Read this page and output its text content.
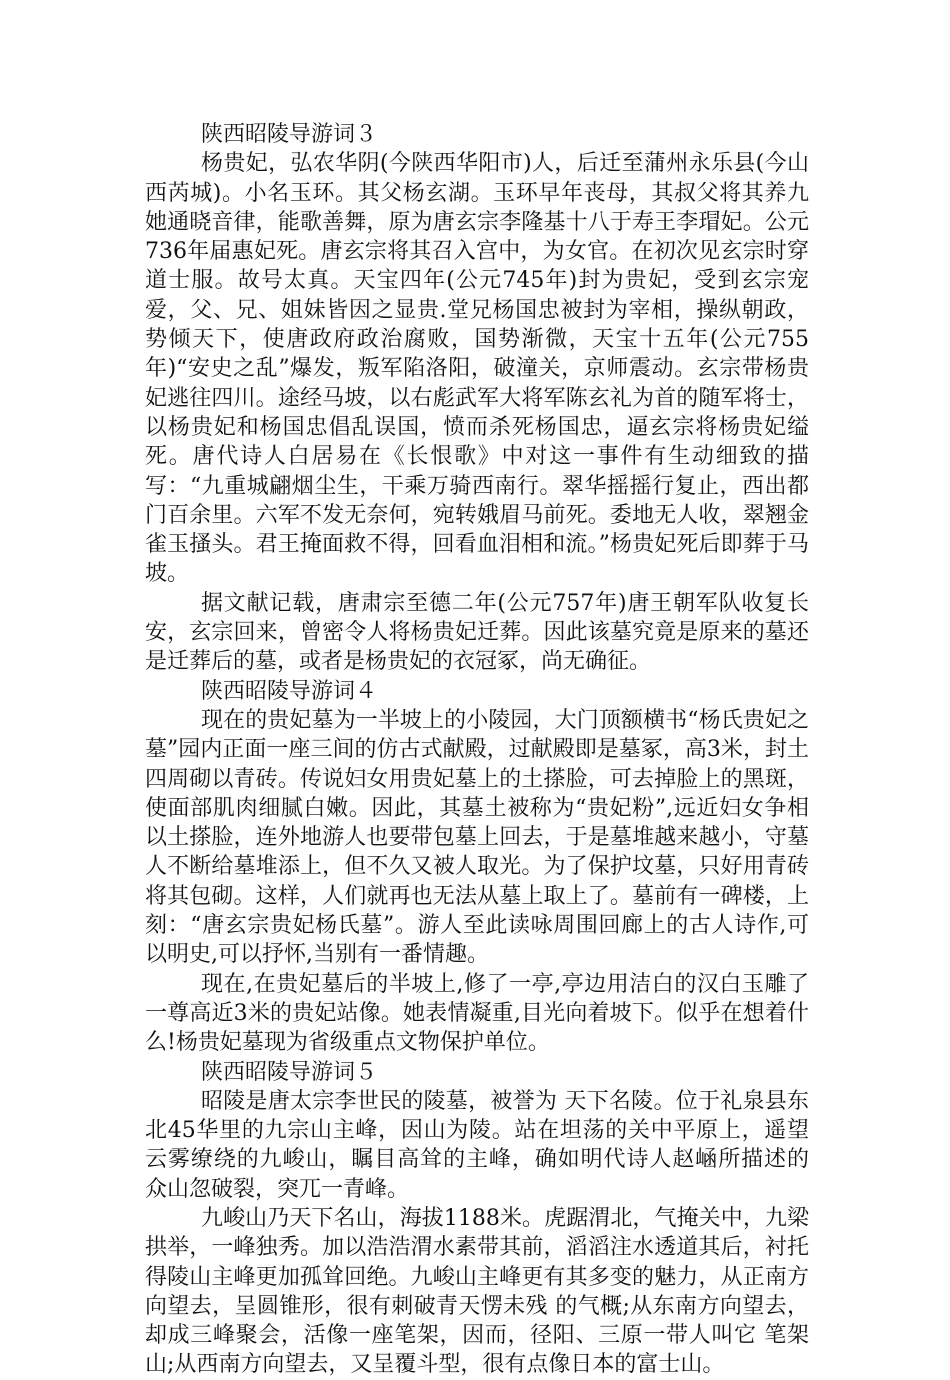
陕西昭陵导游词３

杨贵妃，弘农华阴(今陕西华阳市)人，后迁至蒲州永乐县(今山西芮城)。小名玉环。其父杨玄湖。玉环早年丧母，其叔父将其养九她通晓音律，能歌善舞，原为唐玄宗李隆基十八于寿王李瑁妃。公元736年届惠妃死。唐玄宗将其召入宫中，为女官。在初次见玄宗时穿道士服。故号太真。天宝四年(公元745年)封为贵妃，受到玄宗宠爱，父、兄、姐妹皆因之显贵.堂兄杨国忠被封为宰相，操纵朝政，势倾天下，使唐政府政治腐败，国势渐微，天宝十五年(公元755年)“安史之乱”爆发，叛军陷洛阳，破潼关，京师震动。玄宗带杨贵妃逃往四川。途经马坡，以右彪武军大将军陈玄礼为首的随军将士，以杨贵妃和杨国忠倡乱误国，愤而杀死杨国忠，逼玄宗将杨贵妃缢死。唐代诗人白居易在《长恨歌》中对这一事件有生动细致的描写：“九重城翩烟尘生，干乘万骑西南行。翠华摇摇行复止，西出都门百余里。六军不发无奈何，宛转娥眉马前死。委地无人收，翠翘金雀玉搔头。君王掩面救不得，回看血泪相和流。”杨贵妃死后即葬于马坡。

据文献记载，唐肃宗至德二年(公元757年)唐王朝军队收复长安，玄宗回来，曾密令人将杨贵妃迁葬。因此该墓究竟是原来的墓还是迁葬后的墓，或者是杨贵妃的衣冠冢，尚无确征。

陕西昭陵导游词４

现在的贵妃墓为一半坡上的小陵园，大门顶额横书“杨氏贵妃之墓”园内正面一座三间的仿古式献殿，过献殿即是墓冢，高3米，封土四周砌以青砖。传说妇女用贵妃墓上的土搽脸，可去掉脸上的黑斑，使面部肌肉细腻白嫩。因此，其墓土被称为“贵妃粉”,远近妇女争相以土搽脸，连外地游人也要带包墓上回去，于是墓堆越来越小，守墓人不断给墓堆添上，但不久又被人取光。为了保护坟墓，只好用青砖将其包砌。这样，人们就再也无法从墓上取上了。墓前有一碑楼，上刻：“唐玄宗贵妃杨氏墓”。游人至此读咏周围回廊上的古人诗作,可以明史,可以抒怀,当别有一番情趣。

现在,在贵妃墓后的半坡上,修了一亭,亭边用洁白的汉白玉雕了一尊高近3米的贵妃站像。她表情凝重,目光向着坡下。似乎在想着什么!杨贵妃墓现为省级重点文物保护单位。

陕西昭陵导游词５

昭陵是唐太宗李世民的陵墓，被誉为 天下名陵。位于礼泉县东北45华里的九宗山主峰，因山为陵。站在坦荡的关中平原上，遥望云雾缭绕的九峻山，瞩目高耸的主峰，确如明代诗人赵崡所描述的 众山忽破裂，突兀一青峰。

九峻山乃天下名山，海拔1188米。虎踞渭北，气掩关中，九梁拱举，一峰独秀。加以浩浩渭水素带其前，滔滔注水透道其后，衬托得陵山主峰更加孤耸回绝。九峻山主峰更有其多变的魅力，从正南方向望去，呈圆锥形，很有刺破青天愣未残 的气概;从东南方向望去，却成三峰聚会，活像一座笔架，因而，径阳、三原一带人叫它 笔架山;从西南方向望去，又呈覆斗型，很有点像日本的富士山。
